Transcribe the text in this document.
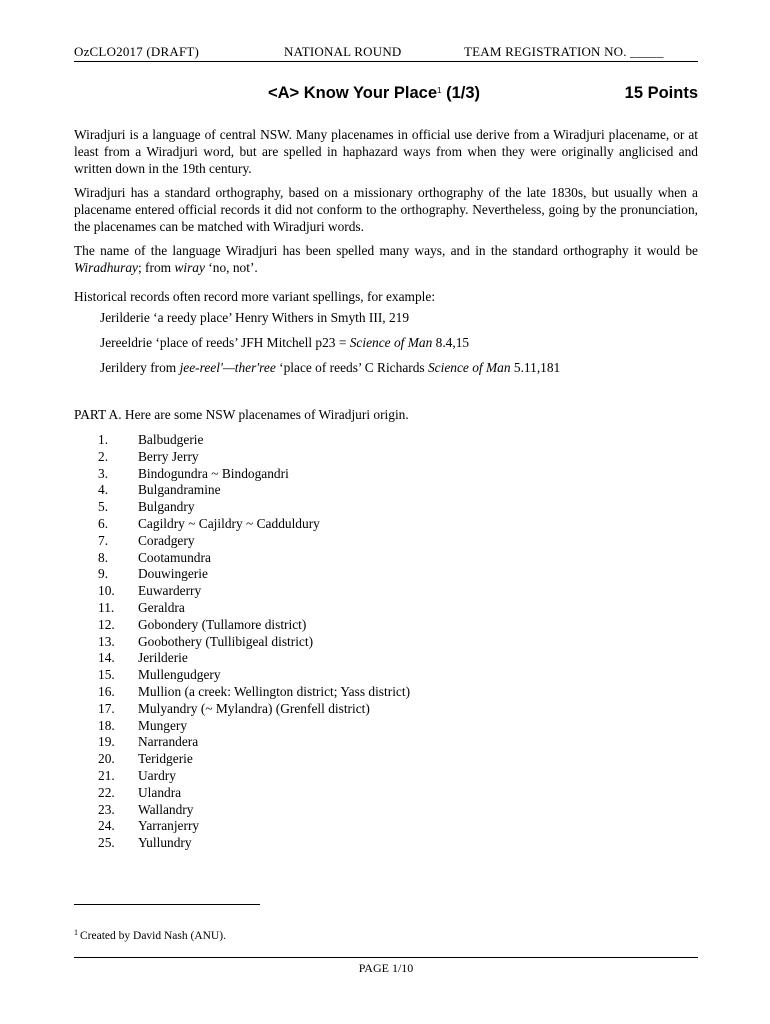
OzCLO2017 (DRAFT)	NATIONAL ROUND	TEAM REGISTRATION NO. _____
<A> Know Your Place$^1$ (1/3)	15 Points

Wiradjuri is a language of central NSW. Many placenames in official use derive from a Wiradjuri placename, or at least from a Wiradjuri word, but are spelled in haphazard ways from when they were originally anglicised and written down in the 19th century.

Wiradjuri has a standard orthography, based on a missionary orthography of the late 1830s, but usually when a placename entered official records it did not conform to the orthography. Nevertheless, going by the pronunciation, the placenames can be matched with Wiradjuri words.

The name of the language Wiradjuri has been spelled many ways, and in the standard orthography it would be Wiradhuray; from wiray ‘no, not’.

Historical records often record more variant spellings, for example:

Jerilderie ‘a reedy place’ Henry Withers in Smyth III, 219
Jereeldrie ‘place of reeds’ JFH Mitchell p23 = Science of Man 8.4,15
Jerildery from jee-reel'—ther'ree ‘place of reeds’ C Richards Science of Man 5.11,181
PART A. Here are some NSW placenames of Wiradjuri origin.
1. Balbudgerie
2. Berry Jerry
3. Bindogundra ~ Bindogandri
4. Bulgandramine
5. Bulgandry
6. Cagildry ~ Cajildry ~ Cadduldury
7. Coradgery
8. Cootamundra
9. Douwingerie
10. Euwarderry
11. Geraldra
12. Gobondery (Tullamore district)
13. Goobothery (Tullibigeal district)
14. Jerilderie
15. Mullengudgery
16. Mullion (a creek: Wellington district; Yass district)
17. Mulyandry (~ Mylandra) (Grenfell district)
18. Mungery
19. Narrandera
20. Teridgerie
21. Uardry
22. Ulandra
23. Wallandry
24. Yarranjerry
25. Yullundry
$^1$ Created by David Nash (ANU).
PAGE 1/10
